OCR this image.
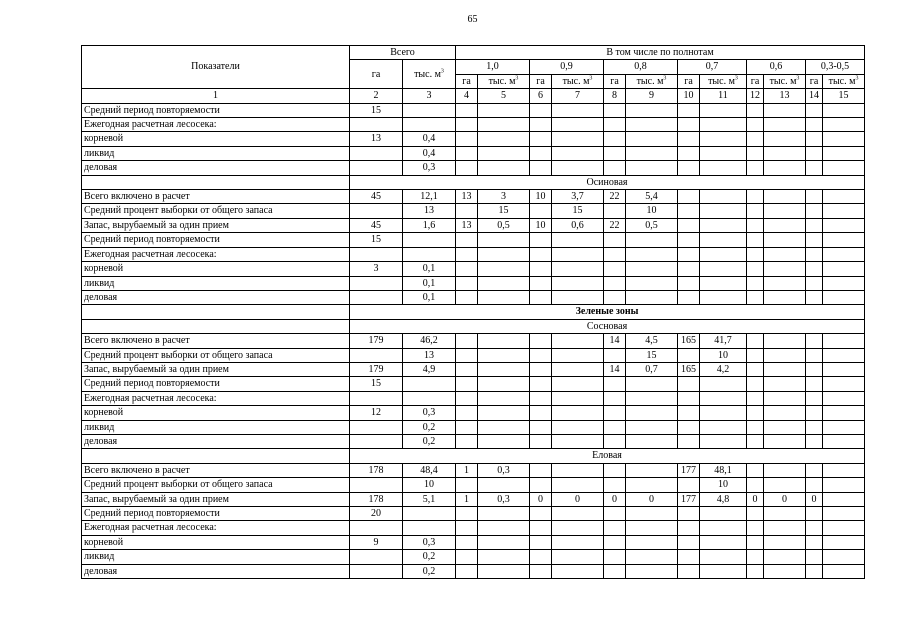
65
Показатели	Всего		В том числе по полнотам											
	га	тыс. $м^3$	1,0		0,9		0,8		0,7		0,6		0,3-0,5	
			га	тыс. $м^3$	га	тыс. $м^3$	га	тыс. $м^3$	га	тыс. $м^3$	га	тыс. $м^3$	га	тыс. $м^3$
1	2	3	4	5	6	7	8	9	10	11	12	13	14	15
Средний период повторяемости	15													
Ежегодная расчетная лесосека:														
корневой	13	0,4												
ликвид		0,4												
деловая		0,3												
	Осиновая													
Всего включено в расчет	45	12,1	13	3	10	3,7	22	5,4						
Средний процент выборки от общего запаса		13		15		15		10						
Запас, вырубаемый за один прием	45	1,6	13	0,5	10	0,6	22	0,5						
Средний период повторяемости	15													
Ежегодная расчетная лесосека:														
корневой	3	0,1												
ликвид		0,1												
деловая		0,1												
	Зеленые зоны													
	Сосновая													
Всего включено в расчет	179	46,2					14	4,5	165	41,7				
Средний процент выборки от общего запаса		13						15		10				
Запас, вырубаемый за один прием	179	4,9					14	0,7	165	4,2				
Средний период повторяемости	15													
Ежегодная расчетная лесосека:														
корневой	12	0,3												
ликвид		0,2												
деловая		0,2												
	Еловая													
Всего включено в расчет	178	48,4	1	0,3					177	48,1				
Средний процент выборки от общего запаса		10								10				
Запас, вырубаемый за один прием	178	5,1	1	0,3	0	0	0	0	177	4,8	0	0	0	
Средний период повторяемости	20													
Ежегодная расчетная лесосека:														
корневой	9	0,3												
ликвид		0,2												
деловая		0,2												
